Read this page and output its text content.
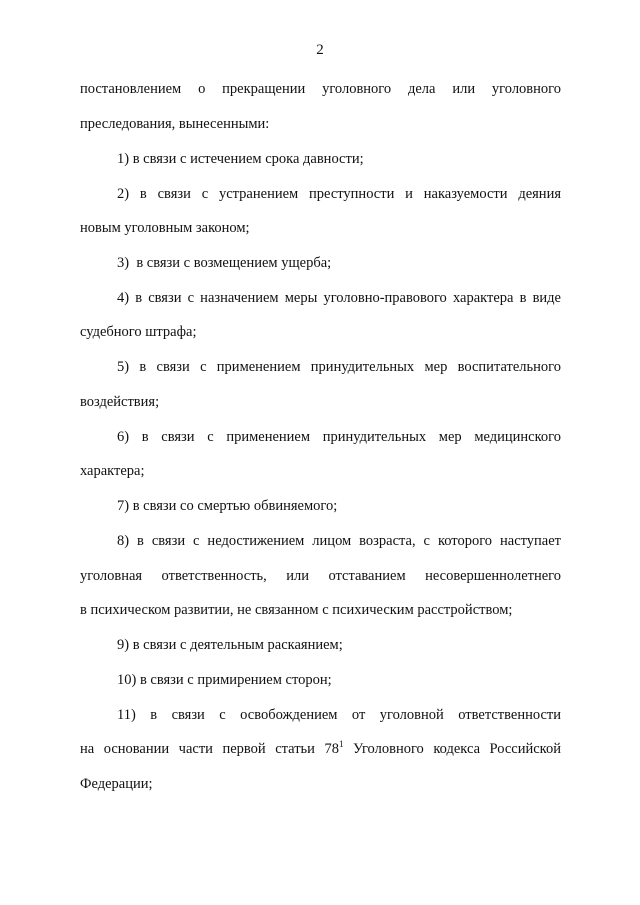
2
постановлением о прекращении уголовного дела или уголовного
преследования, вынесенными:
1) в связи с истечением срока давности;
2) в связи с устранением преступности и наказуемости деяния
новым уголовным законом;
3)  в связи с возмещением ущерба;
4) в связи с назначением меры уголовно-правового характера в виде
судебного штрафа;
5) в связи с применением принудительных мер воспитательного
воздействия;
6) в связи с применением принудительных мер медицинского
характера;
7) в связи со смертью обвиняемого;
8) в связи с недостижением лицом возраста, с которого наступает
уголовная ответственность, или отставанием несовершеннолетнего
в психическом развитии, не связанном с психическим расстройством;
9) в связи с деятельным раскаянием;
10) в связи с примирением сторон;
11) в связи с освобождением от уголовной ответственности
на основании части первой статьи $78^1$ Уголовного кодекса Российской
Федерации;
